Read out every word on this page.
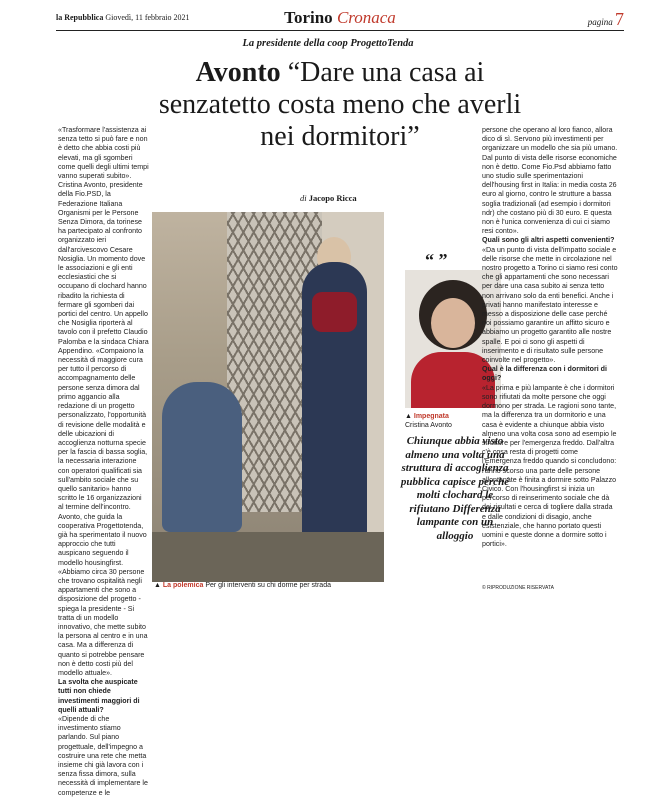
la Repubblica Giovedì, 11 febbraio 2021	Torino Cronaca	pagina 7
La presidente della coop ProgettoTenda
Avonto “Dare una casa ai senzatetto costa meno che averli nei dormitori”
di Jacopo Ricca

«Trasformare l'assistenza ai senza tetto si può fare e non è detto che abbia costi più elevati, ma gli sgomberi come quelli degli ultimi tempi vanno superati subito». Cristina Avonto, presidente della Fio.PSD, la Federazione Italiana Organismi per le Persone Senza Dimora, da torinese ha partecipato al confronto organizzato ieri dall'arcivescovo Cesare Nosiglia. Un momento dove le associazioni e gli enti ecclesiastici che si occupano di clochard hanno ribadito la richiesta di fermare gli sgomberi dai portici del centro. Un appello che Nosiglia riporterà al tavolo con il prefetto Claudio Palomba e la sindaca Chiara Appendino. «Compaiono la necessità di maggiore cura per tutto il percorso di accompagnamento delle persone senza dimora dal primo aggancio alla redazione di un progetto personalizzato, l'opportunità di revisione delle modalità e delle ubicazioni di accoglienza notturna specie per la fascia di bassa soglia, la necessaria interazione con operatori qualificati sia sull'ambito sociale che su quello sanitario» hanno scritto le 16 organizzazioni al termine dell'incontro. Avonto, che guida la cooperativa Progettotenda, già ha sperimentato il nuovo approccio che tutti auspicano seguendo il modello housingfirst. «Abbiamo circa 30 persone che trovano ospitalità negli appartamenti che sono a disposizione del progetto - spiega la presidente - Si tratta di un modello innovativo, che mette subito la persona al centro e in una casa. Ma a differenza di quanto si potrebbe pensare non è detto costi più del modello attuale».

La svolta che auspicate tutti non chiede investimenti maggiori di quelli attuali?

«Dipende di che investimento stiamo parlando. Sul piano progettuale, dell'impegno a costruire una rete che metta insieme chi già lavora con i senza fissa dimora, sulla necessità di implementare le competenze e le

▲ La polemica Per gli interventi su chi dorme per strada
“ ”
▲ Impegnata
Cristina Avonto
Chiunque abbia visto almeno una volta una struttura di accoglienza pubblica capisce perché molti clochard le rifiutano Differenza lampante con un alloggio

persone che operano al loro fianco, allora dico di sì. Servono più investimenti per organizzare un modello che sia più umano. Dal punto di vista delle risorse economiche non è detto. Come Fio.Psd abbiamo fatto uno studio sulle sperimentazioni dell'housing first in Italia: in media costa 26 euro al giorno, contro le strutture a bassa soglia tradizionali (ad esempio i dormitori ndr) che costano più di 30 euro. E questa non è l'unica convenienza di cui ci siamo resi conto».

Quali sono gli altri aspetti convenienti?

«Da un punto di vista dell'impatto sociale e delle risorse che mette in circolazione nel nostro progetto a Torino ci siamo resi conto che gli appartamenti che sono necessari per dare una casa subito ai senza tetto non arrivano solo da enti benefici. Anche i privati hanno manifestato interesse e messo a disposizione delle case perché noi possiamo garantire un affitto sicuro e abbiamo un progetto garantito alle nostre spalle. E poi ci sono gli aspetti di inserimento e di risultato sulle persone coinvolte nel progetto».

Qual è la differenza con i dormitori di oggi?

«La prima e più lampante è che i dormitori sono rifiutati da molte persone che oggi dormono per strada. Le ragioni sono tante, ma la differenza tra un dormitorio e una casa è evidente a chiunque abbia visto almeno una volta cosa sono ad esempio le strutture per l'emergenza freddo. Dall'altra c'è cosa resta di progetti come l'Emergenza freddo quando si concludono: l'anno scorso una parte delle persone allontanate è finita a dormire sotto Palazzo Civico. Con l'housingfirst si inizia un percorso di reinserimento sociale che dà dei risultati e cerca di togliere dalla strada e dalle condizioni di disagio, anche esistenziale, che hanno portato questi uomini e queste donne a dormire sotto i portici».

© RIPRODUZIONE RISERVATA
